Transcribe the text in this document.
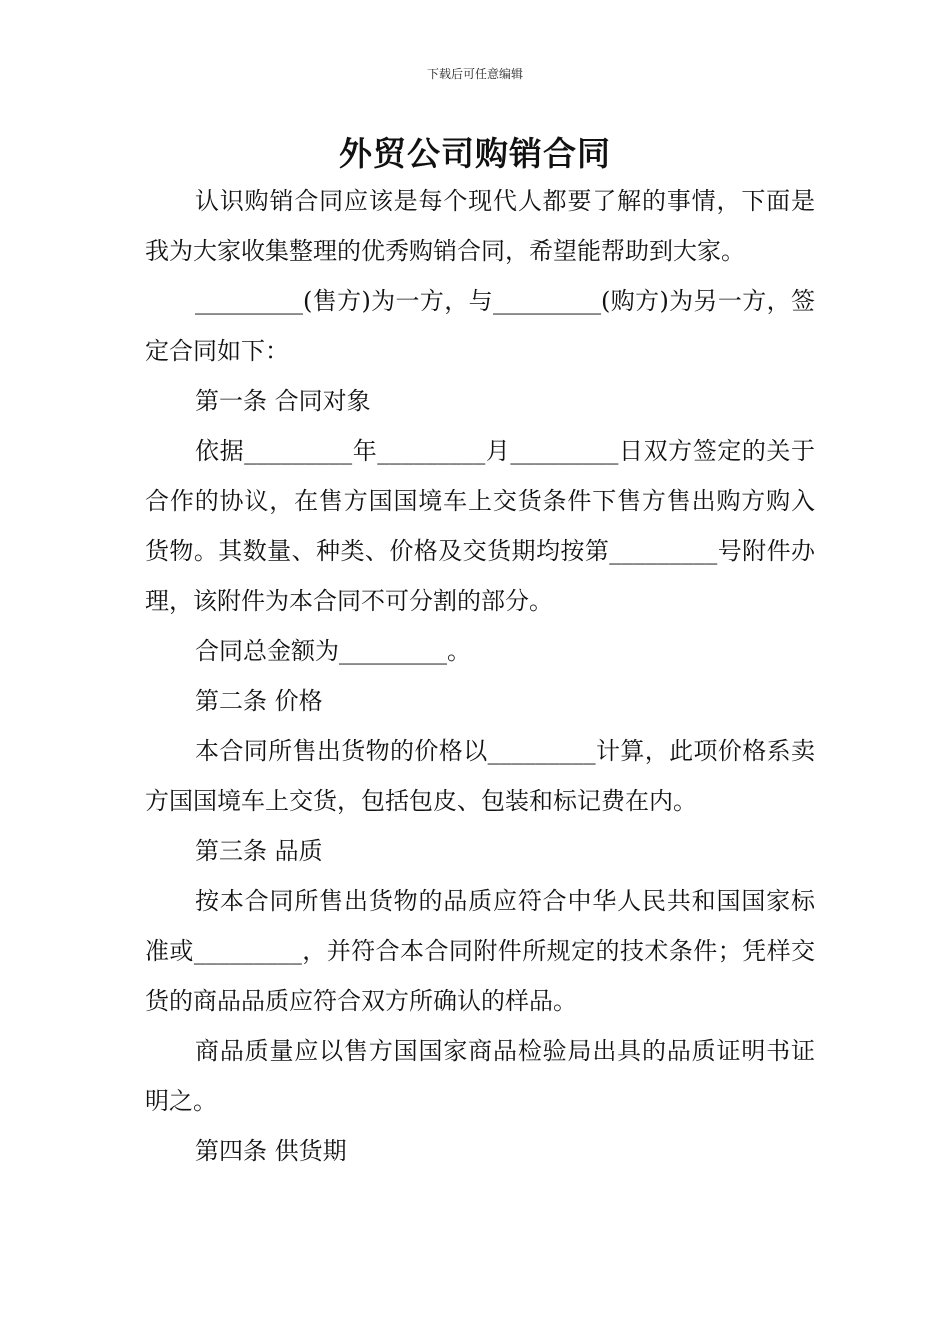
下载后可任意编辑
外贸公司购销合同

认识购销合同应该是每个现代人都要了解的事情，下面是我为大家收集整理的优秀购销合同，希望能帮助到大家。

_________(售方)为一方，与_________(购方)为另一方，签定合同如下：

第一条 合同对象

依据_________年_________月_________日双方签定的关于合作的协议，在售方国国境车上交货条件下售方售出购方购入货物。其数量、种类、价格及交货期均按第_________号附件办理，该附件为本合同不可分割的部分。

合同总金额为_________。

第二条 价格

本合同所售出货物的价格以_________计算，此项价格系卖方国国境车上交货，包括包皮、包装和标记费在内。

第三条 品质

按本合同所售出货物的品质应符合中华人民共和国国家标准或_________，并符合本合同附件所规定的技术条件；凭样交货的商品品质应符合双方所确认的样品。

商品质量应以售方国国家商品检验局出具的品质证明书证明之。

第四条 供货期
